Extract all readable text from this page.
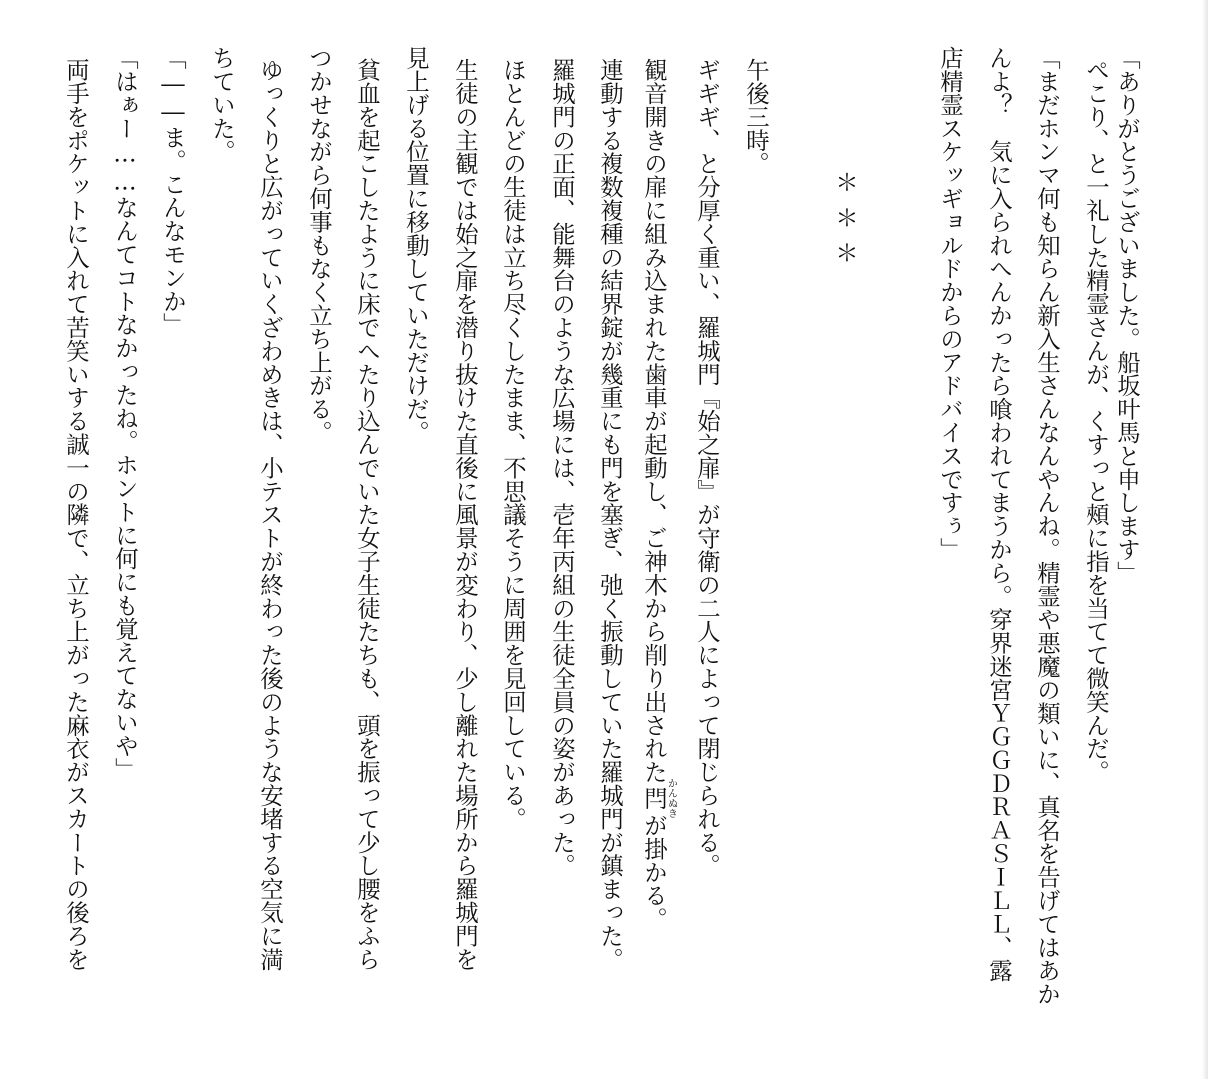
「ありがとうございました。船坂叶馬と申します」
ぺこり、と一礼した精霊さんが、くすっと頰に指を当てて微笑んだ。
「まだホンマ何も知らん新入生さんなんやんね。精霊や悪魔の類いに、真名を告げてはあか
んよ？　気に入られへんかったら喰われてまうから。穿界迷宮ＹＧＧＤＲＡＳＩＬＬ、露
店精霊スケッギョルドからのアドバイスですぅ」
＊＊＊
午後三時。
ギギギ、と分厚く重い、羅城門『始之扉』が守衛の二人によって閉じられる。
観音開きの扉に組み込まれた歯車が起動し、ご神木から削り出された閂かんぬきが掛かる。
連動する複数複種の結界錠が幾重にも門を塞ぎ、弛く振動していた羅城門が鎮まった。
羅城門の正面、能舞台のような広場には、壱年丙組の生徒全員の姿があった。
ほとんどの生徒は立ち尽くしたまま、不思議そうに周囲を見回している。
生徒の主観では始之扉を潜り抜けた直後に風景が変わり、少し離れた場所から羅城門を
見上げる位置に移動していただけだ。
貧血を起こしたように床でへたり込んでいた女子生徒たちも、頭を振って少し腰をふら
つかせながら何事もなく立ち上がる。
ゆっくりと広がっていくざわめきは、小テストが終わった後のような安堵する空気に満
ちていた。
「――ま。こんなモンか」
「はぁー……なんてコトなかったね。ホントに何にも覚えてないや」
両手をポケットに入れて苦笑いする誠一の隣で、立ち上がった麻衣がスカートの後ろを
